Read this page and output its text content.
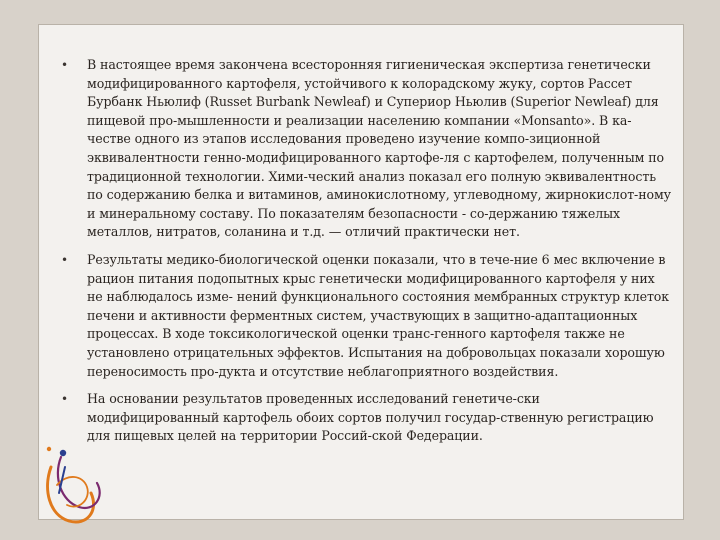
• В настоящее время закончена всесторонняя гигиеническая экспертиза генетически модифицированного картофеля, устойчивого к колорадскому жуку, сортов Рассет Бурбанк Ньюлиф (Russet Burbank Newleaf) и Супериор Ньюлив (Superior Newleaf) для пищевой про-мышленности и реализации населению компании «Monsanto». В ка-честве одного из этапов исследования проведено изучение компо-зиционной эквивалентности генно-модифицированного картофе-ля с картофелем, полученным по традиционной технологии. Хими-ческий анализ показал его полную эквивалентность по содержанию белка и витаминов, аминокислотному, углеводному, жирнокислот-ному и минеральному составу. По показателям безопасности - со-держанию тяжелых металлов, нитратов, соланина и т.д. — отличий практически нет.
• Результаты медико-биологической оценки показали, что в тече-ние 6 мес включение в рацион питания подопытных крыс генетически модифицированного картофеля у них не наблюдалось изме- нений функционального состояния мембранных структур клеток печени и активности ферментных систем, участвующих в защитно-адаптационных процессах. В ходе токсикологической оценки транс-генного картофеля также не установлено отрицательных эффектов. Испытания на добровольцах показали хорошую переносимость про-дукта и отсутствие неблагоприятного воздействия.
• На основании результатов проведенных исследований генетиче-ски модифицированный картофель обоих сортов получил государ-ственную регистрацию для пищевых целей на территории Россий-ской Федерации.
